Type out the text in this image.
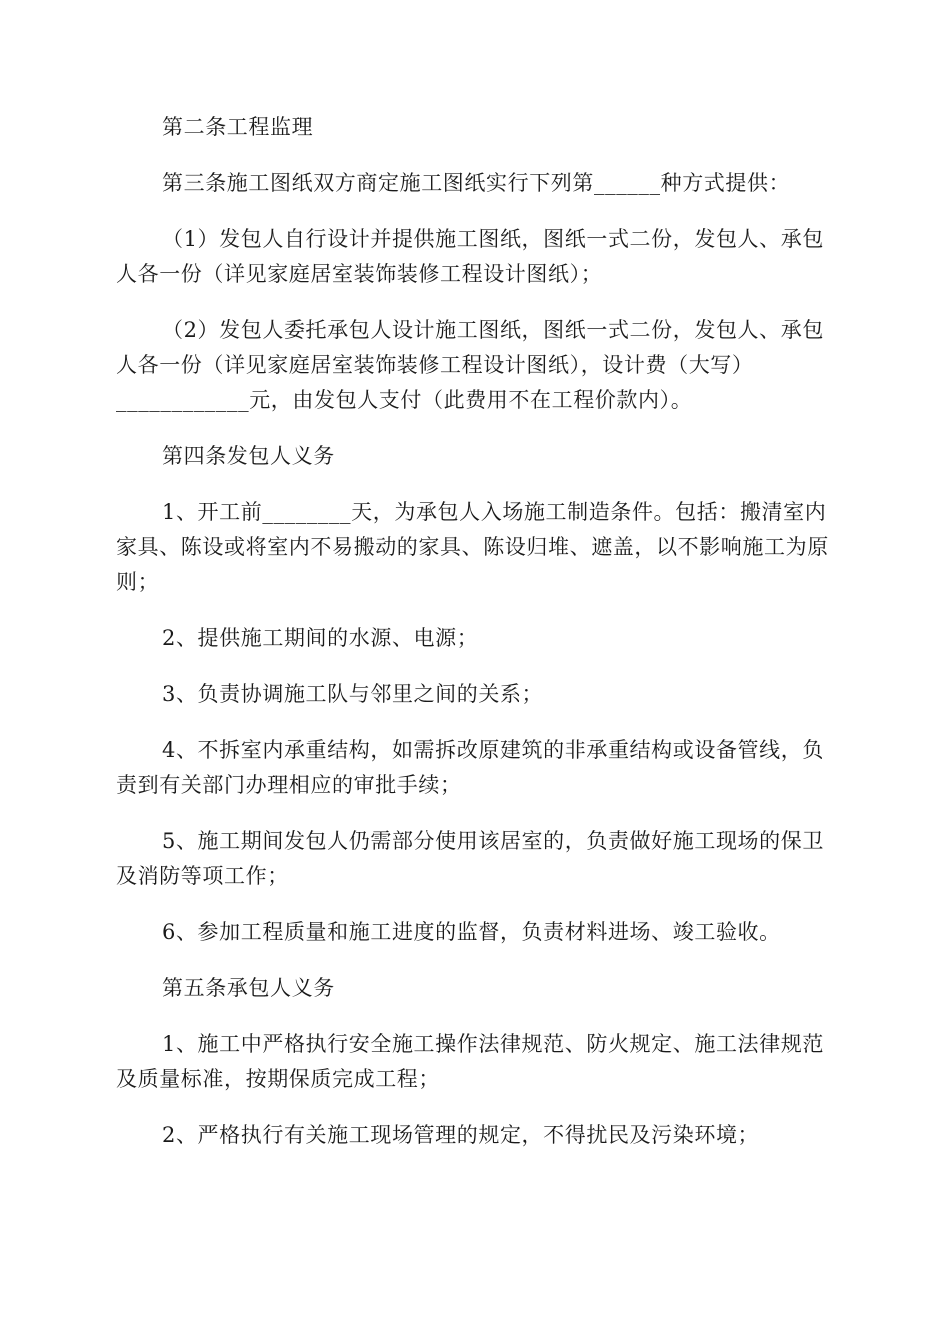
第二条工程监理

第三条施工图纸双方商定施工图纸实行下列第______种方式提供：

（1）发包人自行设计并提供施工图纸，图纸一式二份，发包人、承包人各一份（详见家庭居室装饰装修工程设计图纸）；

（2）发包人委托承包人设计施工图纸，图纸一式二份，发包人、承包人各一份（详见家庭居室装饰装修工程设计图纸），设计费（大写）____________元，由发包人支付（此费用不在工程价款内）。

第四条发包人义务

1、开工前________天，为承包人入场施工制造条件。包括：搬清室内家具、陈设或将室内不易搬动的家具、陈设归堆、遮盖，以不影响施工为原则；

2、提供施工期间的水源、电源；

3、负责协调施工队与邻里之间的关系；

4、不拆室内承重结构，如需拆改原建筑的非承重结构或设备管线，负责到有关部门办理相应的审批手续；

5、施工期间发包人仍需部分使用该居室的，负责做好施工现场的保卫及消防等项工作；

6、参加工程质量和施工进度的监督，负责材料进场、竣工验收。

第五条承包人义务

1、施工中严格执行安全施工操作法律规范、防火规定、施工法律规范及质量标准，按期保质完成工程；

2、严格执行有关施工现场管理的规定，不得扰民及污染环境；
